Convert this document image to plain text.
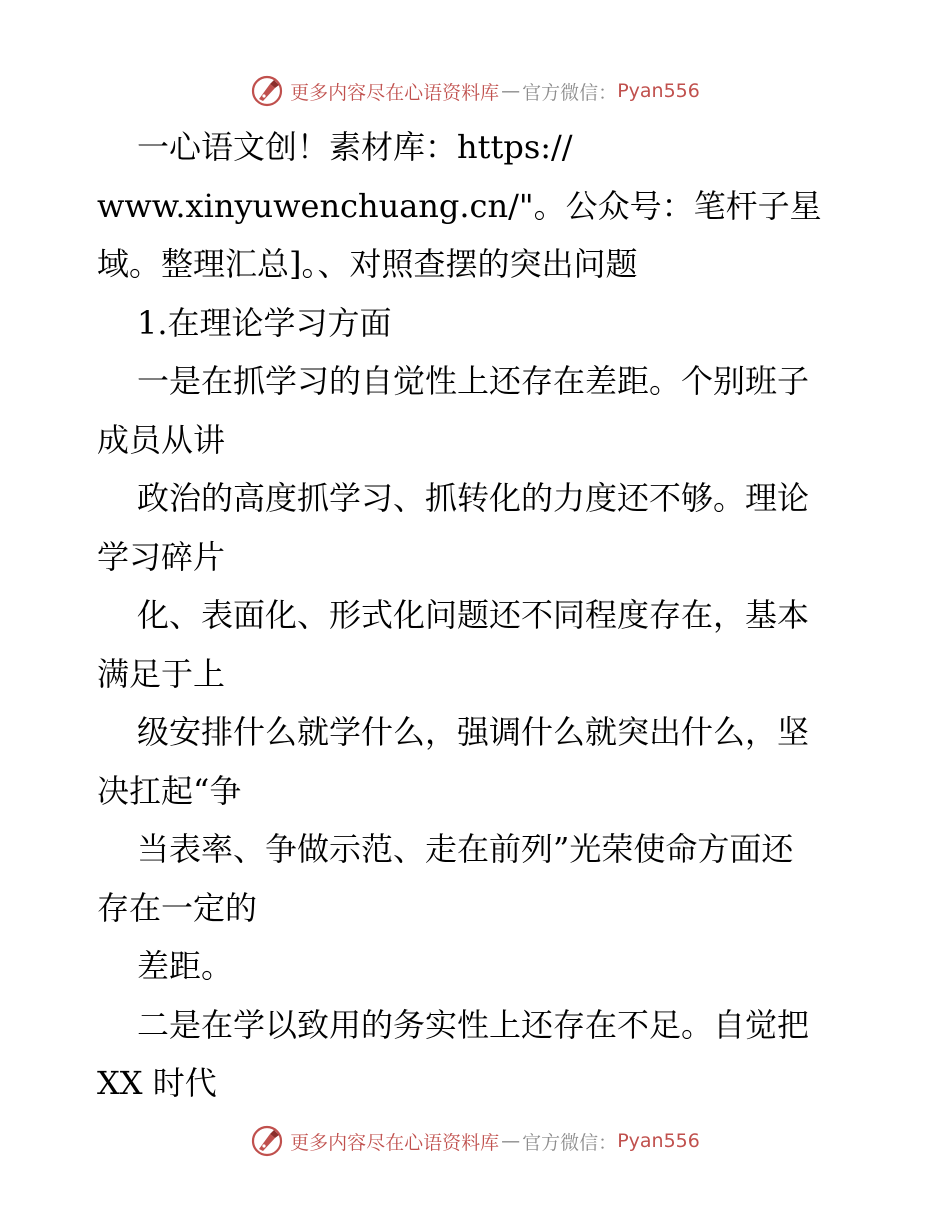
更多内容尽在心语资料库 — 官方微信： Pyan556
一心语文创！素材库：https://
www.xinyuwenchuang.cn/"。公众号：笔杆子星
域。整理汇总]。、对照查摆的突出问题
1.在理论学习方面
一是在抓学习的自觉性上还存在差距。个别班子
成员从讲
政治的高度抓学习、抓转化的力度还不够。理论
学习碎片
化、表面化、形式化问题还不同程度存在，基本
满足于上
级安排什么就学什么，强调什么就突出什么，坚
决扛起“争
当表率、争做示范、走在前列”光荣使命方面还
存在一定的
差距。
二是在学以致用的务实性上还存在不足。自觉把
XX 时代
更多内容尽在心语资料库 — 官方微信： Pyan556
